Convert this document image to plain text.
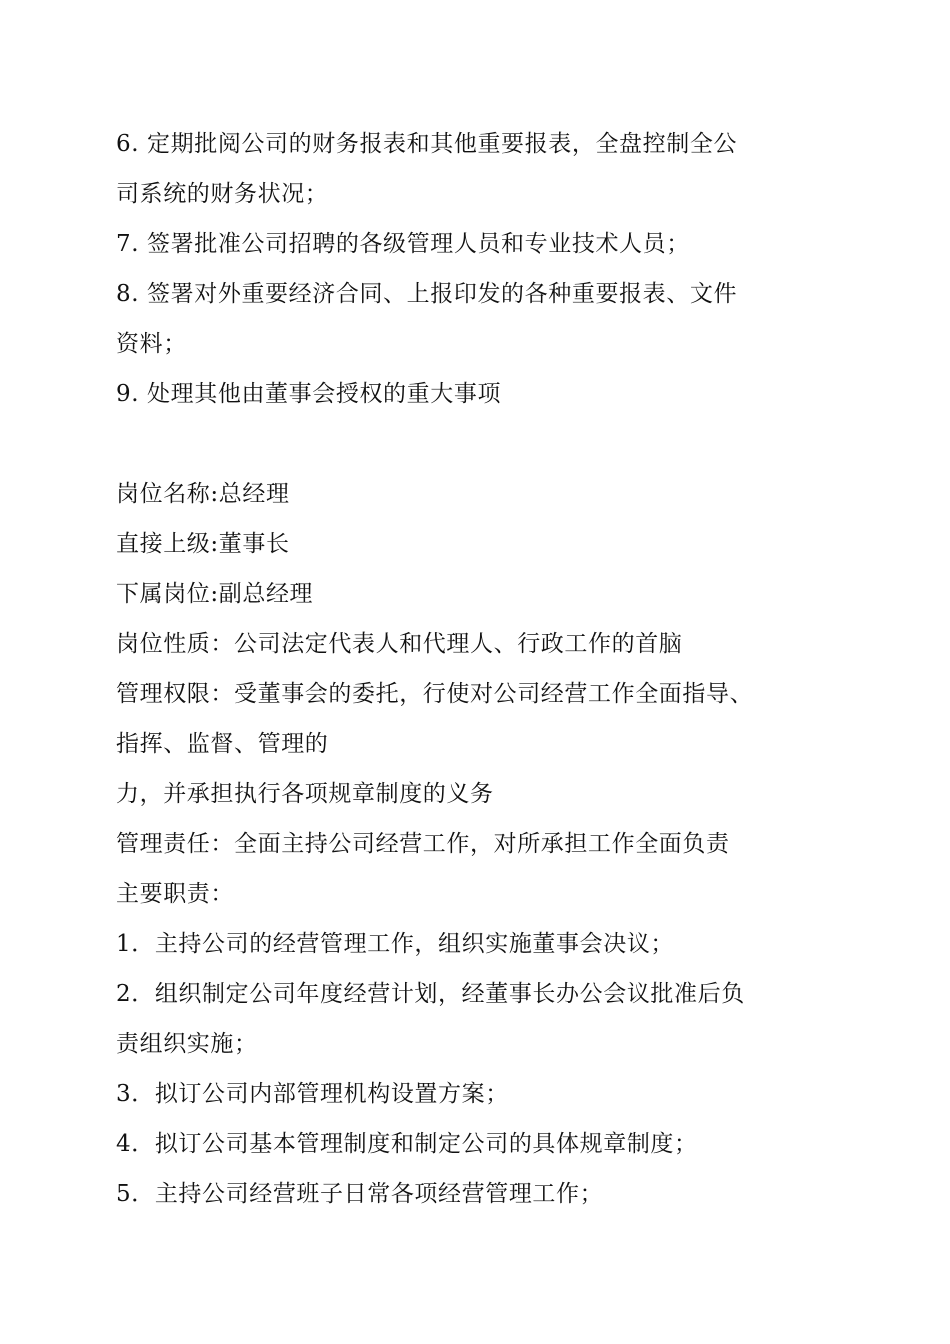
6. 定期批阅公司的财务报表和其他重要报表，全盘控制全公
司系统的财务状况；
7. 签署批准公司招聘的各级管理人员和专业技术人员；
8. 签署对外重要经济合同、上报印发的各种重要报表、文件
资料；
9. 处理其他由董事会授权的重大事项
岗位名称:总经理
直接上级:董事长
下属岗位:副总经理
岗位性质：公司法定代表人和代理人、行政工作的首脑
管理权限：受董事会的委托，行使对公司经营工作全面指导、
指挥、监督、管理的
力，并承担执行各项规章制度的义务
管理责任：全面主持公司经营工作，对所承担工作全面负责
主要职责：
1．主持公司的经营管理工作，组织实施董事会决议；
2．组织制定公司年度经营计划，经董事长办公会议批准后负
责组织实施；
3．拟订公司内部管理机构设置方案；
4．拟订公司基本管理制度和制定公司的具体规章制度；
5．主持公司经营班子日常各项经营管理工作；
